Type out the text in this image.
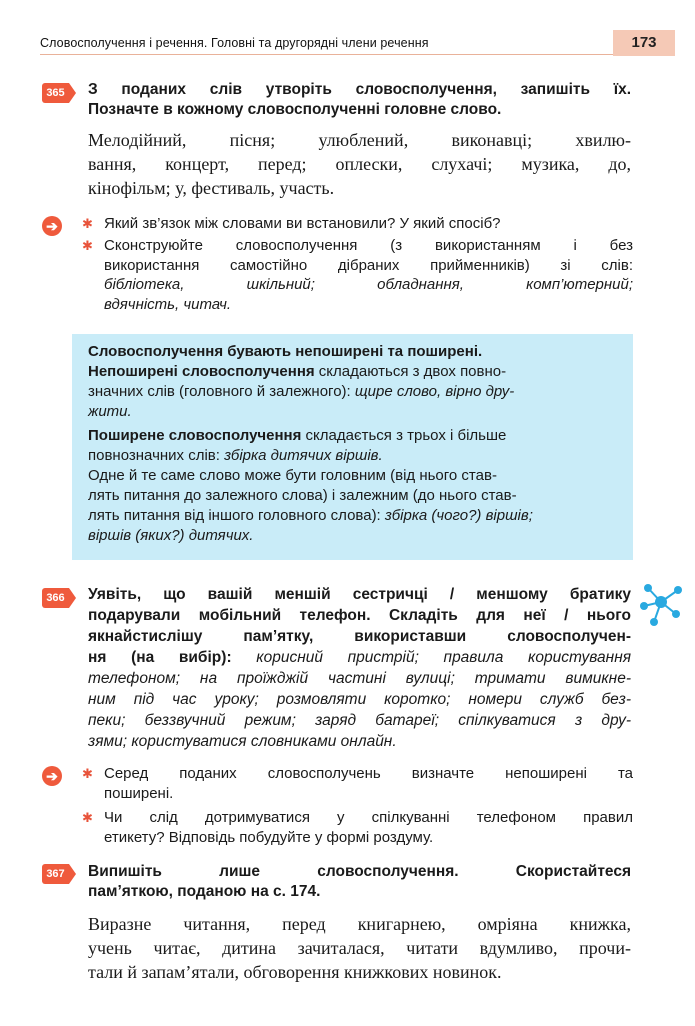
Словосполучення і речення. Головні та другорядні члени речення	173
365 З поданих слів утворіть словосполучення, запишіть їх.
Позначте в кожному словосполученні головне слово.
Мелодійний, пісня; улюблений, виконавці; хвилю-
вання, концерт, перед; оплески, слухачі; музика, до,
кінофільм; у, фестиваль, участь.
➔	✱ Який зв’язок між словами ви встановили? У який спосіб?
✱ Сконструюйте словосполучення (з використанням і без
використання самостійно дібраних прийменників) зі слів:
бібліотека, шкільний; обладнання, комп’ютерний;
вдячність, читач.

Словосполучення бувають непоширені та поширені.

Непоширені словосполучення складаються з двох повно-
значних слів (головного й залежного): щире слово, вірно дру-
жити.

Поширене словосполучення складається з трьох і більше
повнозначних слів: збірка дитячих віршів.

Одне й те саме слово може бути головним (від нього став-
лять питання до залежного слова) і залежним (до нього став-
лять питання від іншого головного слова): збірка (чого?) віршів;
віршів (яких?) дитячих.

366 Уявіть, що вашій меншій сестричці / меншому братику
подарували мобільний телефон. Складіть для неї / нього
якнайстислішу пам’ятку, використавши словосполучен-
ня (на вибір): корисний пристрій; правила користування
телефоном; на проїжджій частині вулиці; тримати вимикне-
ним під час уроку; розмовляти коротко; номери служб без-
пеки; беззвучний режим; заряд батареї; спілкуватися з дру-
зями; користуватися словниками онлайн.
➔	✱ Серед поданих словосполучень визначте непоширені та
поширені.
✱ Чи слід дотримуватися у спілкуванні телефоном правил
етикету? Відповідь побудуйте у формі роздуму.
367 Випишіть лише словосполучення. Скористайтеся
пам’яткою, поданою на с. 174.
Виразне читання, перед книгарнею, омріяна книжка,
учень читає, дитина зачиталася, читати вдумливо, прочи-
тали й запам’ятали, обговорення книжкових новинок.
